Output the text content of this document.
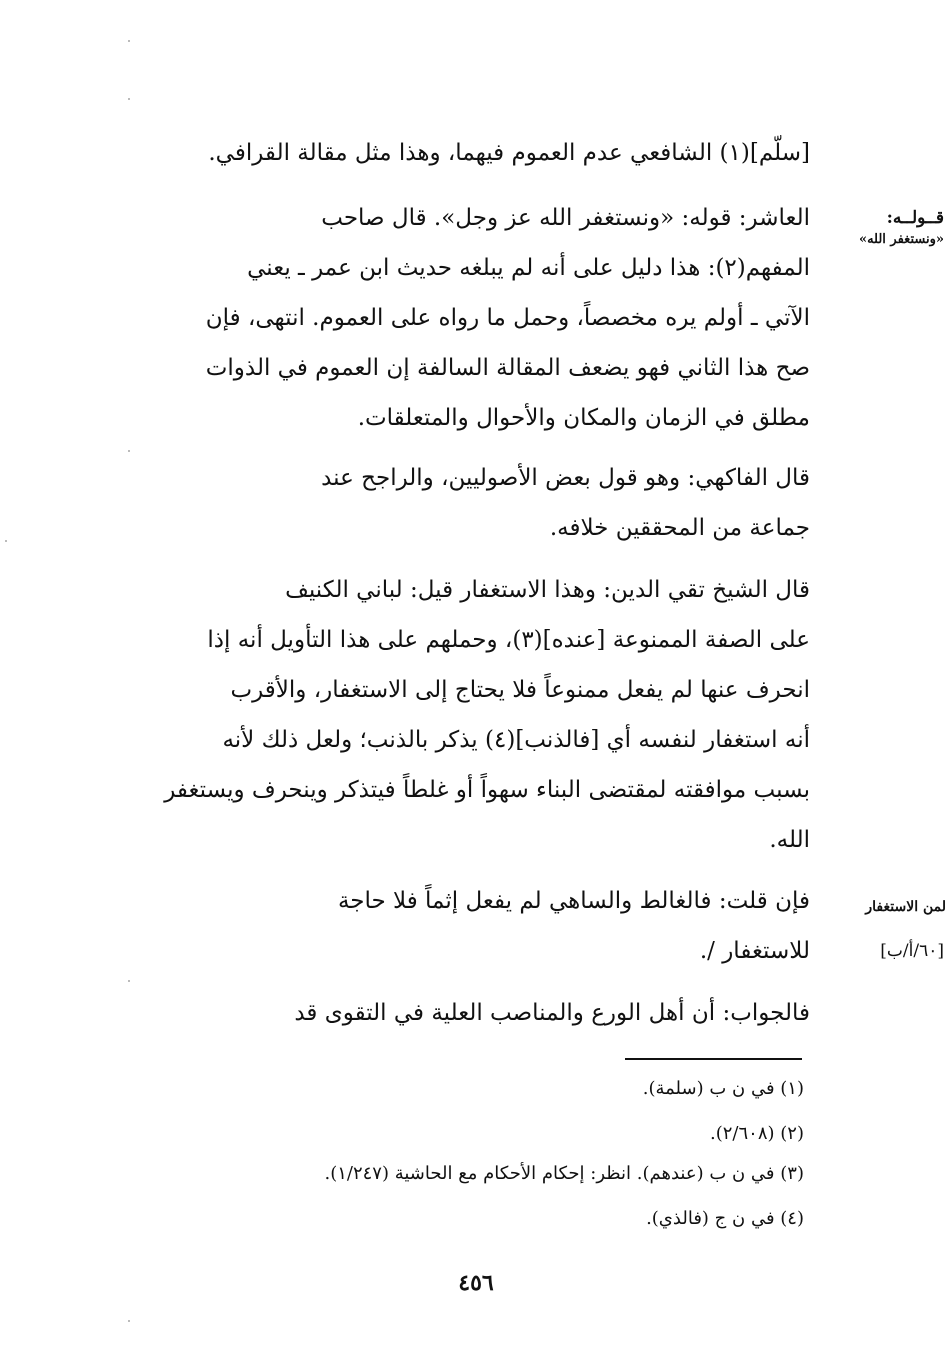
قــولــه:
«ونستغفر الله»
لمن الاستغفار
[٦٠/أ/ب]
[سلّم](١) الشافعي عدم العموم فيهما، وهذا مثل مقالة القرافي.
العاشر: قوله: «ونستغفر الله عز وجل». قال صاحب
المفهم(٢): هذا دليل على أنه لم يبلغه حديث ابن عمر ـ يعني
الآتي ـ أولم يره مخصصاً، وحمل ما رواه على العموم. انتهى، فإن
صح هذا الثاني فهو يضعف المقالة السالفة إن العموم في الذوات
مطلق في الزمان والمكان والأحوال والمتعلقات.
قال الفاكهي: وهو قول بعض الأصوليين، والراجح عند
جماعة من المحققين خلافه.
قال الشيخ تقي الدين: وهذا الاستغفار قيل: لباني الكنيف
على الصفة الممنوعة [عنده](٣)، وحملهم على هذا التأويل أنه إذا
انحرف عنها لم يفعل ممنوعاً فلا يحتاج إلى الاستغفار، والأقرب
أنه استغفار لنفسه أي [فالذنب](٤) يذكر بالذنب؛ ولعل ذلك لأنه
بسبب موافقته لمقتضى البناء سهواً أو غلطاً فيتذكر وينحرف ويستغفر
الله.
فإن قلت: فالغالط والساهي لم يفعل إثماً فلا حاجة
للاستغفار /.
فالجواب: أن أهل الورع والمناصب العلية في التقوى قد
(١) في ن ب (سلمة).
(٢) (٢/٦٠٨).
(٣) في ن ب (عندهم). انظر: إحكام الأحكام مع الحاشية (١/٢٤٧).
(٤) في ن ج (فالذي).
٤٥٦
